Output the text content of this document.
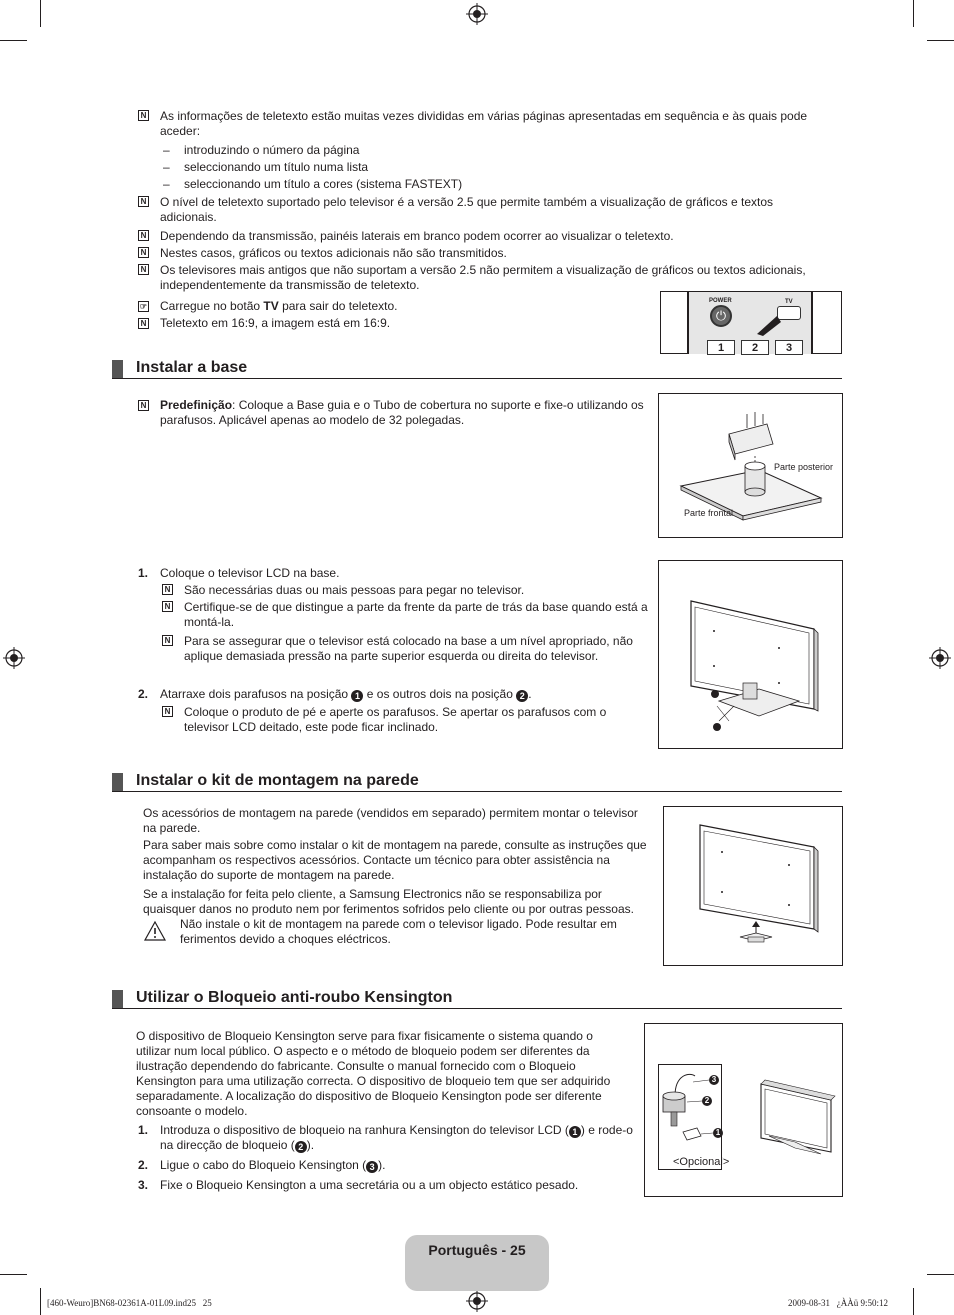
N As informações de teletexto estão muitas vezes divididas em várias páginas apresentadas em sequência e às quais pode aceder:
– introduzindo o número da página
– seleccionando um título numa lista
– seleccionando um título a cores (sistema FASTEXT)
N O nível de teletexto suportado pelo televisor é a versão 2.5 que permite também a visualização de gráficos e textos adicionais.
N Dependendo da transmissão, painéis laterais em branco podem ocorrer ao visualizar o teletexto.
N Nestes casos, gráficos ou textos adicionais não são transmitidos.
N Os televisores mais antigos que não suportam a versão 2.5 não permitem a visualização de gráficos ou textos adicionais, independentemente da transmissão de teletexto.
☞ Carregue no botão TV para sair do teletexto.
N Teletexto em 16:9, a imagem está em 16:9.
POWER
⏻
TV
1	2	3
Instalar a base
N Predefinição: Coloque a Base guia e o Tubo de cobertura no suporte e fixe-o utilizando os parafusos. Aplicável apenas ao modelo de 32 polegadas.
Parte posterior
Parte frontal
1. Coloque o televisor LCD na base.
N São necessárias duas ou mais pessoas para pegar no televisor.
N Certifique-se de que distingue a parte da frente da parte de trás da base quando está a montá-la.
N Para se assegurar que o televisor está colocado na base a um nível apropriado, não aplique demasiada pressão na parte superior esquerda ou direita do televisor.
2. Atarraxe dois parafusos na posição 1 e os outros dois na posição 2 .
N Coloque o produto de pé e aperte os parafusos. Se apertar os parafusos com o televisor LCD deitado, este pode ficar inclinado.
Instalar o kit de montagem na parede
Os acessórios de montagem na parede (vendidos em separado) permitem montar o televisor na parede.
Para saber mais sobre como instalar o kit de montagem na parede, consulte as instruções que acompanham os respectivos acessórios. Contacte um técnico para obter assistência na instalação do suporte de montagem na parede.
Se a instalação for feita pelo cliente, a Samsung Electronics não se responsabiliza por quaisquer danos no produto nem por ferimentos sofridos pelo cliente ou por outras pessoas.
Não instale o kit de montagem na parede com o televisor ligado. Pode resultar em ferimentos devido a choques eléctricos.
Utilizar o Bloqueio anti-roubo Kensington
O dispositivo de Bloqueio Kensington serve para fixar fisicamente o sistema quando o utilizar num local público. O aspecto e o método de bloqueio podem ser diferentes da ilustração dependendo do fabricante. Consulte o manual fornecido com o Bloqueio Kensington para uma utilização correcta. O dispositivo de bloqueio tem que ser adquirido separadamente. A localização do dispositivo de Bloqueio Kensington pode ser diferente consoante o modelo.
1. Introduza o dispositivo de bloqueio na ranhura Kensington do televisor LCD ( 1 ) e rode-o na direcção de bloqueio ( 2 ).
2. Ligue o cabo do Bloqueio Kensington ( 3 ).
3. Fixe o Bloqueio Kensington a uma secretária ou a um objecto estático pesado.
3
2
1
<Opcional>
Português - 25
[460-Weuro]BN68-02361A-01L09.ind25   25	2009-08-31   ¿ÀÀü 9:50:12
